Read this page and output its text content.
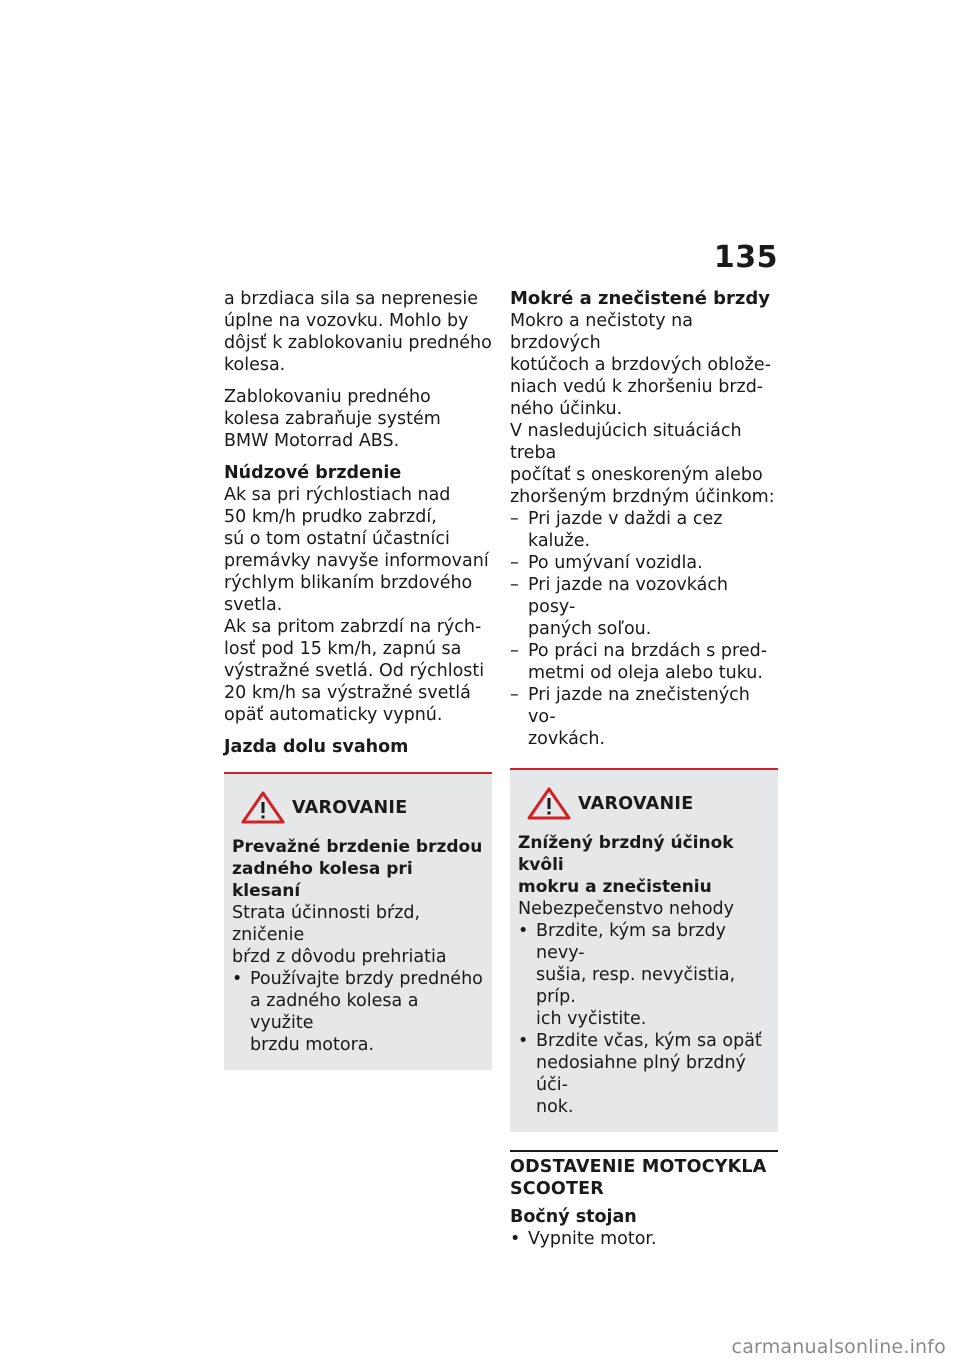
135

a brzdiaca sila sa neprenesie
úplne na vozovku. Mohlo by
dôjsť k zablokovaniu predného
kolesa.

Zablokovaniu predného
kolesa zabraňuje systém
BMW Motorrad ABS.

Núdzové brzdenie

Ak sa pri rýchlostiach nad
50 km/h prudko zabrzdí,
sú o tom ostatní účastníci
premávky navyše informovaní
rýchlym blikaním brzdového
svetla.

Ak sa pritom zabrzdí na rých-
losť pod 15 km/h, zapnú sa
výstražné svetlá. Od rýchlosti
20 km/h sa výstražné svetlá
opäť automaticky vypnú.

Jazda dolu svahom
VAROVANIE

Prevažné brzdenie brzdou
zadného kolesa pri klesaní

Strata účinnosti bŕzd, zničenie
bŕzd z dôvodu prehriatia

• Používajte brzdy predného
a zadného kolesa a využite
brzdu motora.
Mokré a znečistené brzdy

Mokro a nečistoty na brzdových
kotúčoch a brzdových oblože-
niach vedú k zhoršeniu brzd-
ného účinku.

V nasledujúcich situáciách treba
počítať s oneskoreným alebo
zhoršeným brzdným účinkom:

– Pri jazde v daždi a cez kaluže.
– Po umývaní vozidla.
– Pri jazde na vozovkách posy-
paných soľou.
– Po práci na brzdách s pred-
metmi od oleja alebo tuku.
– Pri jazde na znečistených vo-
zovkách.
VAROVANIE

Znížený brzdný účinok kvôli
mokru a znečisteniu

Nebezpečenstvo nehody

• Brzdite, kým sa brzdy nevy-
sušia, resp. nevyčistia, príp.
ich vyčistite.
• Brzdite včas, kým sa opäť
nedosiahne plný brzdný úči-
nok.
ODSTAVENIE MOTOCYKLA
SCOOTER
Bočný stojan
• Vypnite motor.
carmanualsonline.info
